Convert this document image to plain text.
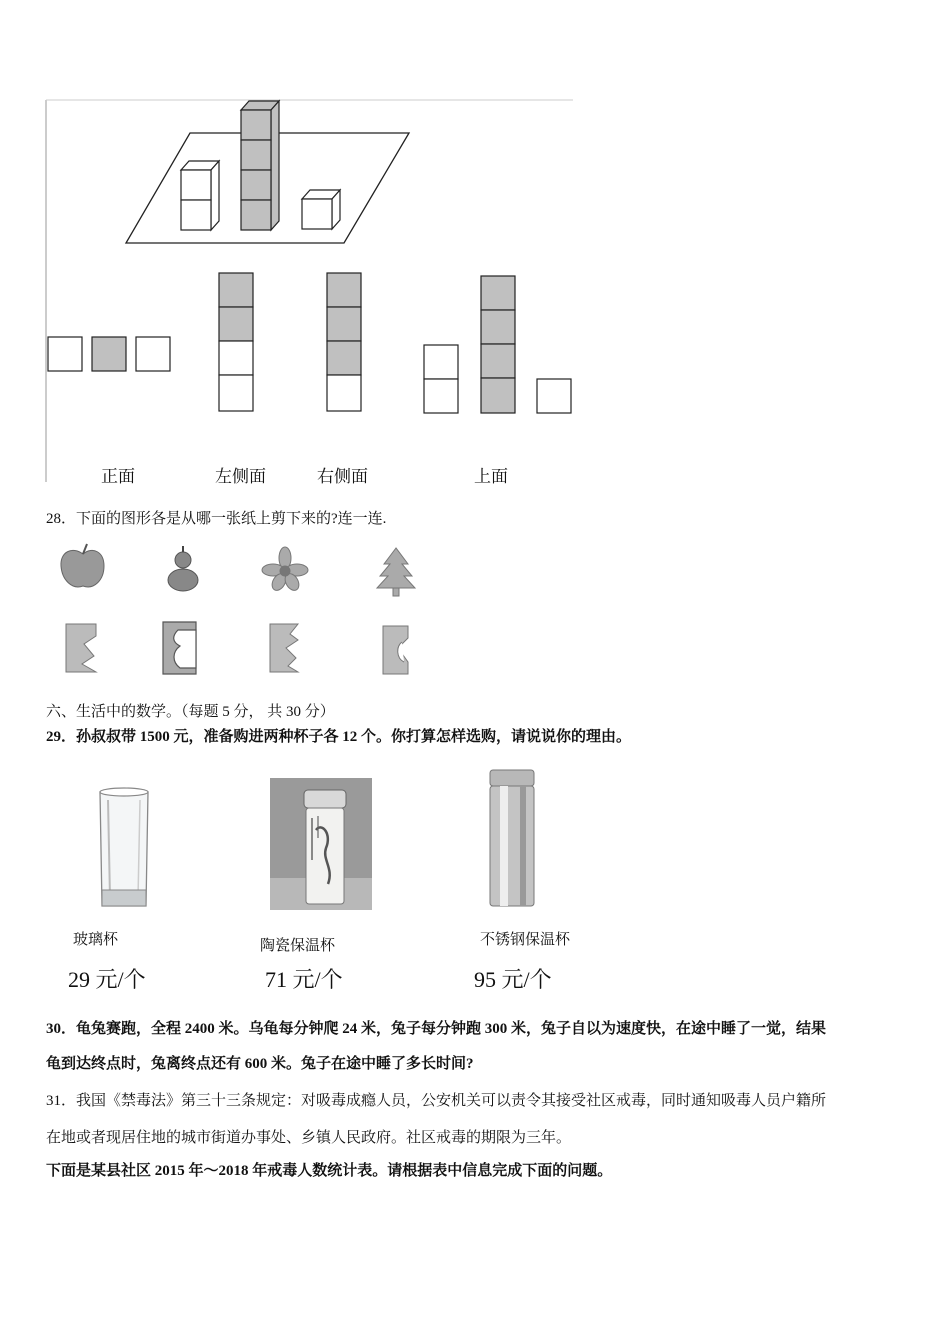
正面	左侧面	右侧面	上面
28．下面的图形各是从哪一张纸上剪下来的?连一连.
六、生活中的数学。（每题 5 分， 共 30 分）
29．孙叔叔带 1500 元，准备购进两种杯子各 12 个。你打算怎样选购，请说说你的理由。
玻璃杯	陶瓷保温杯	不锈钢保温杯
29 元/个	71 元/个	95 元/个
30．龟兔赛跑，全程 2400 米。乌龟每分钟爬 24 米，兔子每分钟跑 300 米，兔子自以为速度快，在途中睡了一觉，结果
龟到达终点时，兔离终点还有 600 米。兔子在途中睡了多长时间?
31．我国《禁毒法》第三十三条规定：对吸毒成瘾人员，公安机关可以责令其接受社区戒毒，同时通知吸毒人员户籍所
在地或者现居住地的城市街道办事处、乡镇人民政府。社区戒毒的期限为三年。
下面是某县社区 2015 年～2018 年戒毒人数统计表。请根据表中信息完成下面的问题。
